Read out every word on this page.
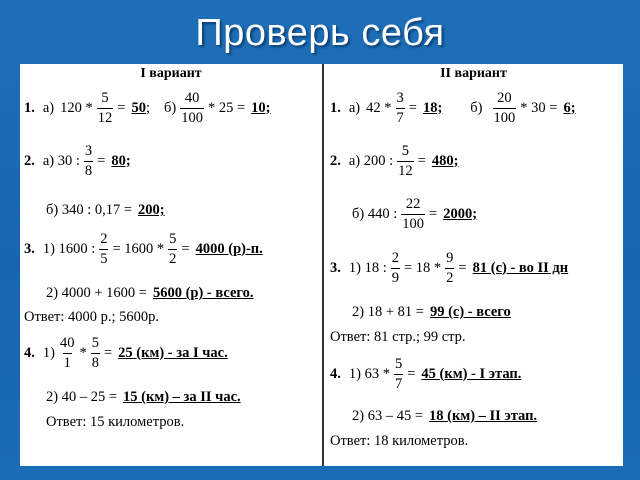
Проверь себя
I вариант
1. а) $120 * \frac{5}{12} = 50$ ; $б) \frac{40}{100} * 25 = 10$;
2. а) 30 : $\frac{3}{8} = 80$;
б) 340 : 0,17 = 200;
3. 1) 1600 : $\frac{2}{5} = 1600 * \frac{5}{2} = 4000$ (р)-п.
2) 4000 + 1600 = 5600 (р) - всего.
Ответ: 4000 р.; 5600р.
4. $1) \frac{40}{1} * \frac{5}{8} = 25$ (км) - за I час.
2) 40 – 25 = 15 (км) – за II час.
Ответ: 15 километров.
II вариант
1. а) $42 * \frac{3}{7} = 18$; $б) \frac{20}{100} * 30 = 6$;
2. а) 200 : $\frac{5}{12} = 480$;
б) 440 : $\frac{22}{100} = 2000$;
3. 1) 18 : $\frac{2}{9} = 18 * \frac{9}{2} = 81$ (с) - во II дн
2) 18 + 81 = 99 (с) - всего
Ответ: 81 стр.; 99 стр.
4. 1) $63 * \frac{5}{7} = 45$ (км) - I этап.
2) 63 – 45 = 18 (км) – II этап.
Ответ: 18 километров.
